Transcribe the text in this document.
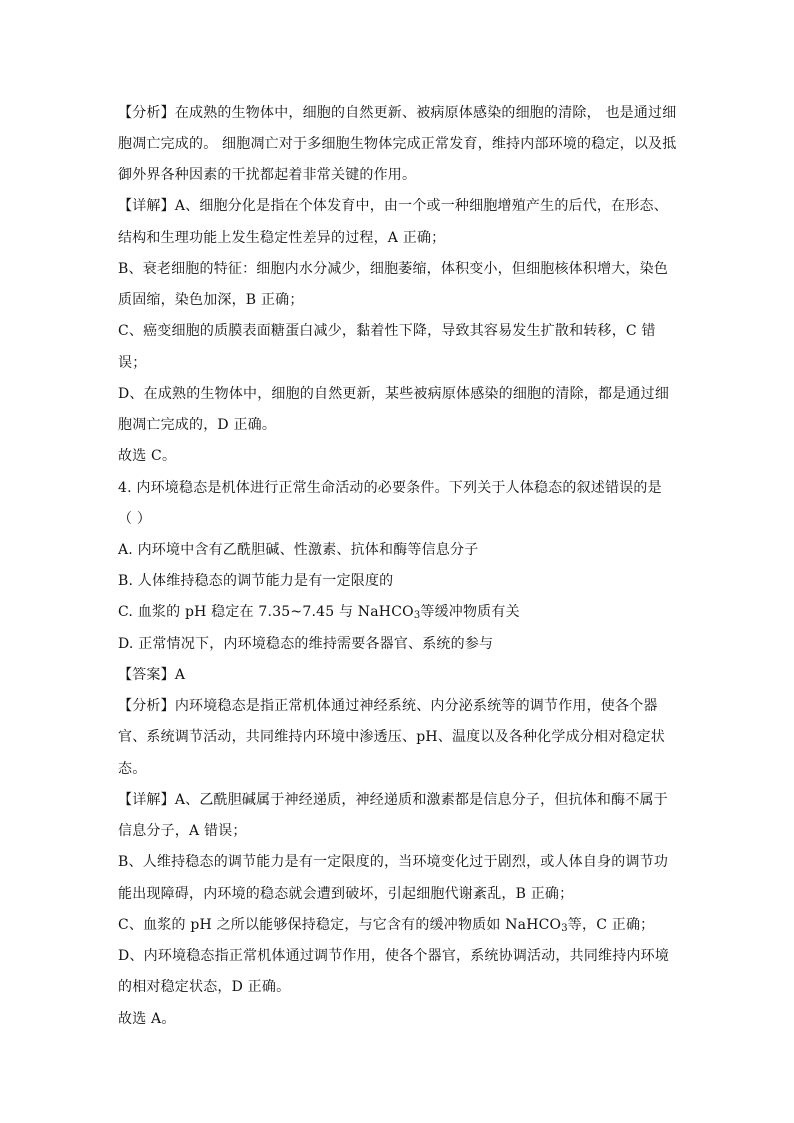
【分析】在成熟的生物体中，细胞的自然更新、被病原体感染的细胞的清除， 也是通过细
胞凋亡完成的。 细胞凋亡对于多细胞生物体完成正常发育，维持内部环境的稳定，以及抵
御外界各种因素的干扰都起着非常关键的作用。
【详解】A、细胞分化是指在个体发育中，由一个或一种细胞增殖产生的后代，在形态、
结构和生理功能上发生稳定性差异的过程，A 正确；
B、衰老细胞的特征：细胞内水分减少，细胞萎缩，体积变小，但细胞核体积增大，染色
质固缩，染色加深，B 正确；
C、癌变细胞的质膜表面糖蛋白减少，黏着性下降，导致其容易发生扩散和转移，C 错
误；
D、在成熟的生物体中，细胞的自然更新，某些被病原体感染的细胞的清除，都是通过细
胞凋亡完成的，D 正确。
故选 C。
4. 内环境稳态是机体进行正常生命活动的必要条件。下列关于人体稳态的叙述错误的是
（ ）
A. 内环境中含有乙酰胆碱、性激素、抗体和酶等信息分子
B. 人体维持稳态的调节能力是有一定限度的
C. 血浆的 pH 稳定在 7.35~7.45 与 NaHCO$_3$等缓冲物质有关
D. 正常情况下，内环境稳态的维持需要各器官、系统的参与
【答案】A
【分析】内环境稳态是指正常机体通过神经系统、内分泌系统等的调节作用，使各个器
官、系统调节活动，共同维持内环境中渗透压、pH、温度以及各种化学成分相对稳定状
态。
【详解】A、乙酰胆碱属于神经递质，神经递质和激素都是信息分子，但抗体和酶不属于
信息分子，A 错误；
B、人维持稳态的调节能力是有一定限度的，当环境变化过于剧烈，或人体自身的调节功
能出现障碍，内环境的稳态就会遭到破坏，引起细胞代谢紊乱，B 正确；
C、血浆的 pH 之所以能够保持稳定，与它含有的缓冲物质如 NaHCO$_3$等，C 正确；
D、内环境稳态指正常机体通过调节作用，使各个器官，系统协调活动，共同维持内环境
的相对稳定状态，D 正确。
故选 A。
